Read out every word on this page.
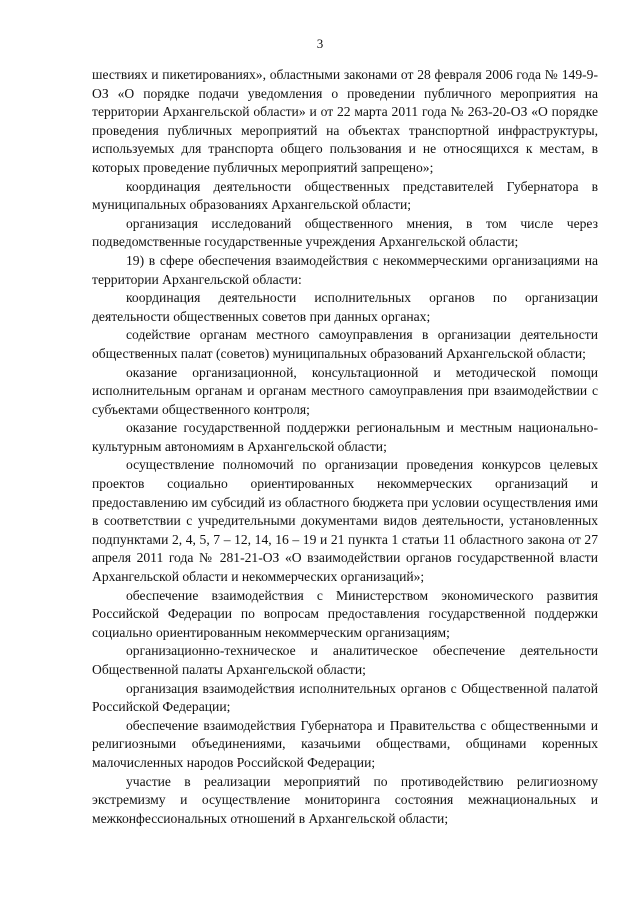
3

шествиях и пикетированиях», областными законами от 28 февраля 2006 года № 149-9-ОЗ «О порядке подачи уведомления о проведении публичного мероприятия на территории Архангельской области» и от 22 марта 2011 года № 263-20-ОЗ «О порядке проведения публичных мероприятий на объектах транспортной инфраструктуры, используемых для транспорта общего пользования и не относящихся к местам, в которых проведение публичных мероприятий запрещено»;

координация деятельности общественных представителей Губернатора в муниципальных образованиях Архангельской области;

организация исследований общественного мнения, в том числе через подведомственные государственные учреждения Архангельской области;

19) в сфере обеспечения взаимодействия с некоммерческими организациями на территории Архангельской области:

координация деятельности исполнительных органов по организации деятельности общественных советов при данных органах;

содействие органам местного самоуправления в организации деятельности общественных палат (советов) муниципальных образований Архангельской области;

оказание организационной, консультационной и методической помощи исполнительным органам и органам местного самоуправления при взаимодействии с субъектами общественного контроля;

оказание государственной поддержки региональным и местным национально-культурным автономиям в Архангельской области;

осуществление полномочий по организации проведения конкурсов целевых проектов социально ориентированных некоммерческих организаций и предоставлению им субсидий из областного бюджета при условии осуществления ими в соответствии с учредительными документами видов деятельности, установленных подпунктами 2, 4, 5, 7 – 12, 14, 16 – 19 и 21 пункта 1 статьи 11 областного закона от 27 апреля 2011 года № 281-21-ОЗ «О взаимодействии органов государственной власти Архангельской области и некоммерческих организаций»;

обеспечение взаимодействия с Министерством экономического развития Российской Федерации по вопросам предоставления государственной поддержки социально ориентированным некоммерческим организациям;

организационно-техническое и аналитическое обеспечение деятельности Общественной палаты Архангельской области;

организация взаимодействия исполнительных органов с Общественной палатой Российской Федерации;

обеспечение взаимодействия Губернатора и Правительства с общественными и религиозными объединениями, казачьими обществами, общинами коренных малочисленных народов Российской Федерации;

участие в реализации мероприятий по противодействию религиозному экстремизму и осуществление мониторинга состояния межнациональных и межконфессиональных отношений в Архангельской области;
